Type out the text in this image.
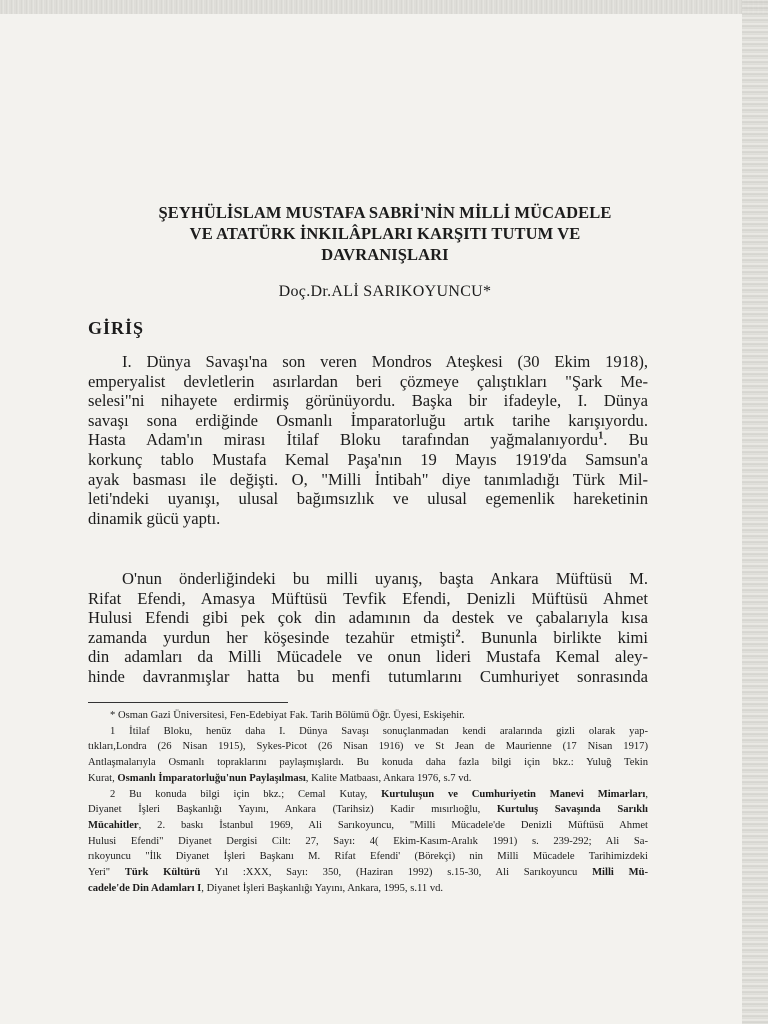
ŞEYHÜLİSLAM MUSTAFA SABRİ'NİN MİLLİ MÜCADELE
VE ATATÜRK İNKILÂPLARI KARŞITI TUTUM VE
DAVRANIŞLARI
Doç.Dr.ALİ SARIKOYUNCU*
GİRİŞ
I. Dünya Savaşı'na son veren Mondros Ateşkesi (30 Ekim 1918),
emperyalist devletlerin asırlardan beri çözmeye çalıştıkları "Şark Me-
selesi"ni nihayete erdirmiş görünüyordu. Başka bir ifadeyle, I. Dünya
savaşı sona erdiğinde Osmanlı İmparatorluğu artık tarihe karışıyordu.
Hasta Adam'ın mirası İtilaf Bloku tarafından yağmalanıyordu$^1$. Bu
korkunç tablo Mustafa Kemal Paşa'nın 19 Mayıs 1919'da Samsun'a
ayak basması ile değişti. O, "Milli İntibah" diye tanımladığı Türk Mil-
leti'ndeki uyanışı, ulusal bağımsızlık ve ulusal egemenlik hareketinin
dinamik gücü yaptı.
O'nun önderliğindeki bu milli uyanış, başta Ankara Müftüsü M.
Rifat Efendi, Amasya Müftüsü Tevfik Efendi, Denizli Müftüsü Ahmet
Hulusi Efendi gibi pek çok din adamının da destek ve çabalarıyla kısa
zamanda yurdun her köşesinde tezahür etmişti$^2$. Bununla birlikte kimi
din adamları da Milli Mücadele ve onun lideri Mustafa Kemal aley-
hinde davranmışlar hatta bu menfi tutumlarını Cumhuriyet sonrasında
* Osman Gazi Üniversitesi, Fen-Edebiyat Fak. Tarih Bölümü Öğr. Üyesi, Eskişehir.
1 İtilaf Bloku, henüz daha I. Dünya Savaşı sonuçlanmadan kendi aralarında gizli olarak yap-
tıkları,Londra (26 Nisan 1915), Sykes-Picot (26 Nisan 1916) ve St Jean de Maurienne (17 Nisan 1917)
Antlaşmalarıyla Osmanlı topraklarını paylaşmışlardı. Bu konuda daha fazla bilgi için bkz.: Yuluğ Tekin
Kurat, Osmanlı İmparatorluğu'nun Paylaşılması, Kalite Matbaası, Ankara 1976, s.7 vd.
2 Bu konuda bilgi için bkz.; Cemal Kutay, Kurtuluşun ve Cumhuriyetin Manevi Mimarları,
Diyanet İşleri Başkanlığı Yayını, Ankara (Tarihsiz) Kadir mısırlıoğlu, Kurtuluş Savaşında Sarıklı
Mücahitler, 2. baskı İstanbul 1969, Ali Sarıkoyuncu, "Milli Mücadele'de Denizli Müftüsü Ahmet
Hulusi Efendi" Diyanet Dergisi Cilt: 27, Sayı: 4( Ekim-Kasım-Aralık 1991) s. 239-292; Ali Sa-
rıkoyuncu "İlk Diyanet İşleri Başkanı M. Rifat Efendi' (Börekçi) nin Milli Mücadele Tarihimizdeki
Yeri" Türk Kültürü Yıl :XXX, Sayı: 350, (Haziran 1992) s.15-30, Ali Sarıkoyuncu Milli Mü-
cadele'de Din Adamları I, Diyanet İşleri Başkanlığı Yayını, Ankara, 1995, s.11 vd.
